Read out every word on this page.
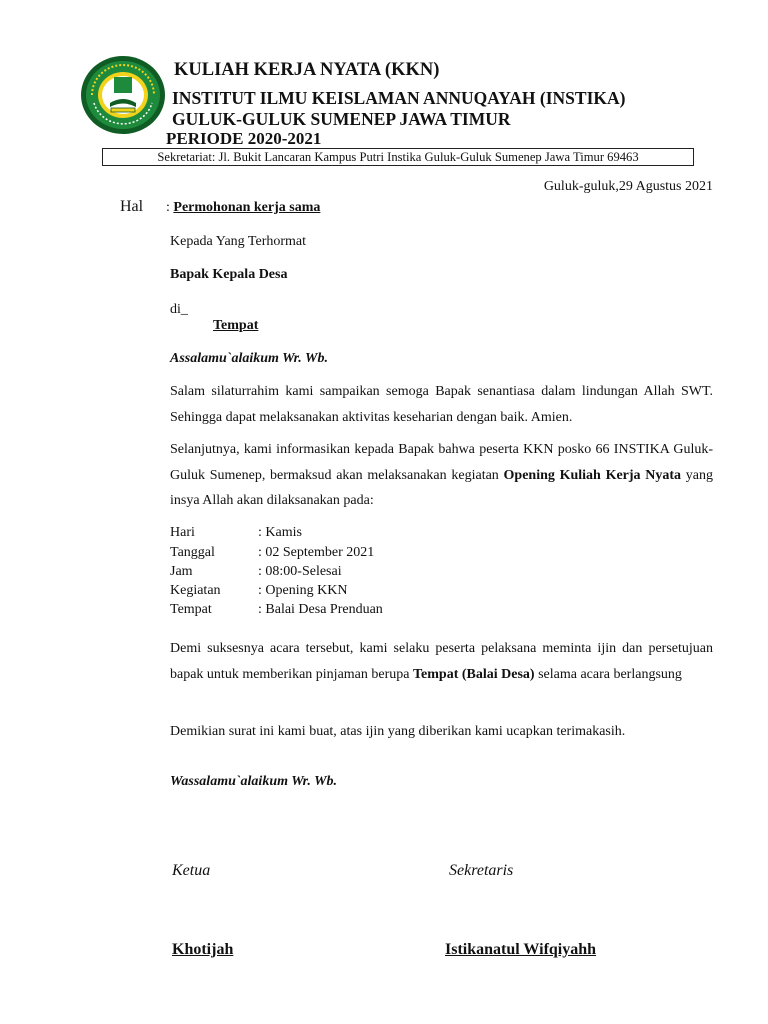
KULIAH KERJA NYATA (KKN)
INSTITUT ILMU KEISLAMAN ANNUQAYAH (INSTIKA)
GULUK-GULUK SUMENEP JAWA TIMUR
PERIODE 2020-2021
Sekretariat: Jl. Bukit Lancaran Kampus Putri Instika Guluk-Guluk Sumenep Jawa Timur 69463
Guluk-guluk,29 Agustus 2021
Hal : Permohonan kerja sama
Kepada Yang Terhormat
Bapak Kepala Desa
di_
Tempat
Assalamu`alaikum Wr. Wb.
Salam silaturrahim kami sampaikan semoga Bapak senantiasa dalam lindungan Allah SWT. Sehingga dapat melaksanakan aktivitas keseharian dengan baik. Amien.
Selanjutnya, kami informasikan kepada Bapak bahwa peserta KKN posko 66 INSTIKA Guluk-Guluk Sumenep, bermaksud akan melaksanakan kegiatan Opening Kuliah Kerja Nyata yang insya Allah akan dilaksanakan pada:
Hari	: Kamis
Tanggal	: 02 September 2021
Jam	: 08:00-Selesai
Kegiatan	: Opening KKN
Tempat	: Balai Desa Prenduan
Demi suksesnya acara tersebut, kami selaku peserta pelaksana meminta ijin dan persetujuan bapak untuk memberikan pinjaman berupa Tempat (Balai Desa) selama acara berlangsung
Demikian surat ini kami buat, atas ijin yang diberikan kami ucapkan terimakasih.
Wassalamu`alaikum Wr. Wb.
Ketua	Sekretaris
Khotijah	Istikanatul Wifqiyahh
